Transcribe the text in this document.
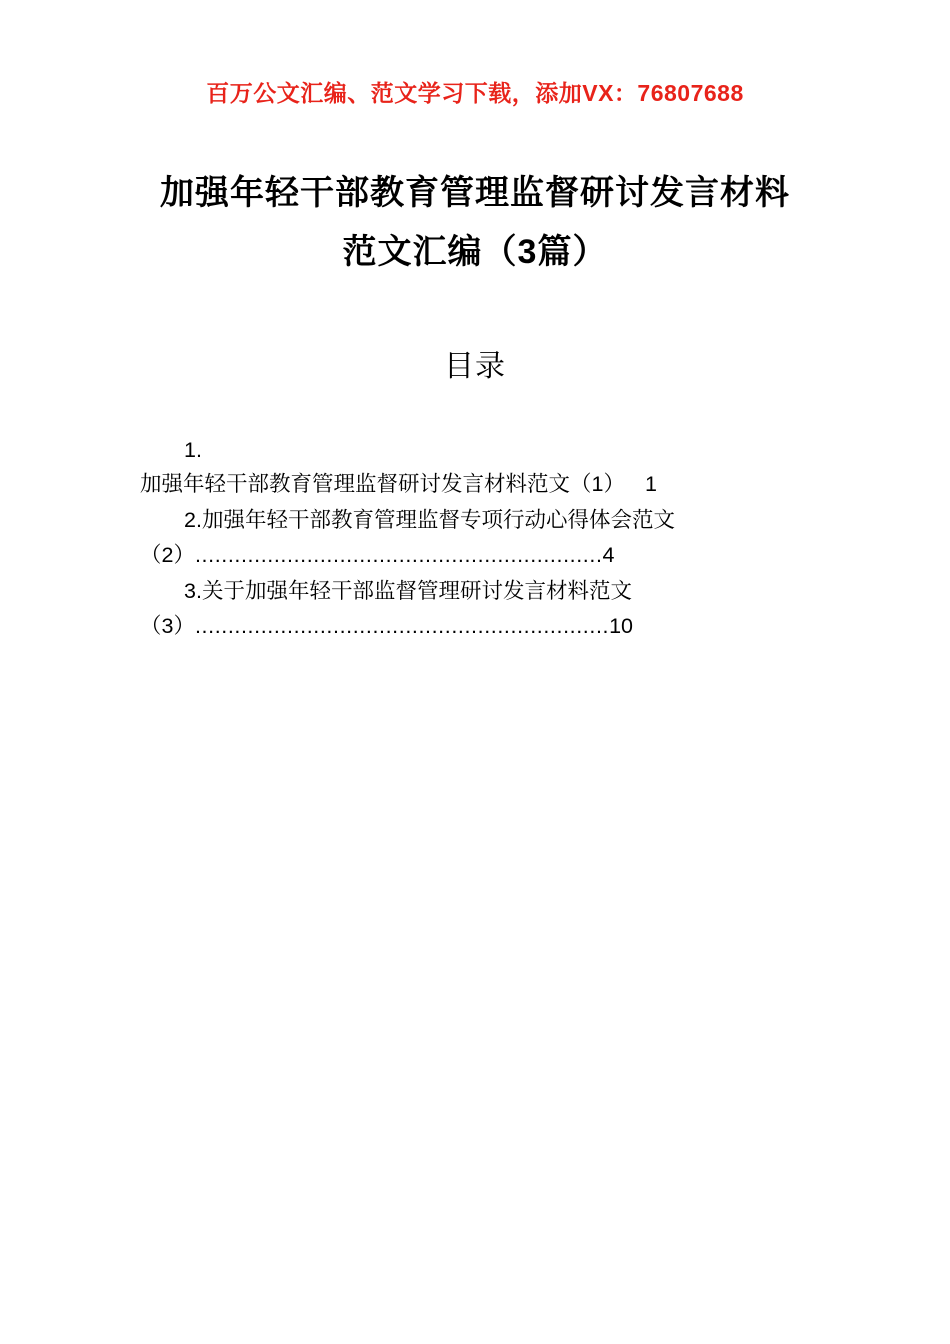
百万公文汇编、范文学习下载，添加VX：76807688
加强年轻干部教育管理监督研讨发言材料
范文汇编（3篇）
目录
1.
加强年轻干部教育管理监督研讨发言材料范文（1） 1
2.加强年轻干部教育管理监督专项行动心得体会范文（2）..............................................................4
3.关于加强年轻干部监督管理研讨发言材料范文（3）...............................................................10
